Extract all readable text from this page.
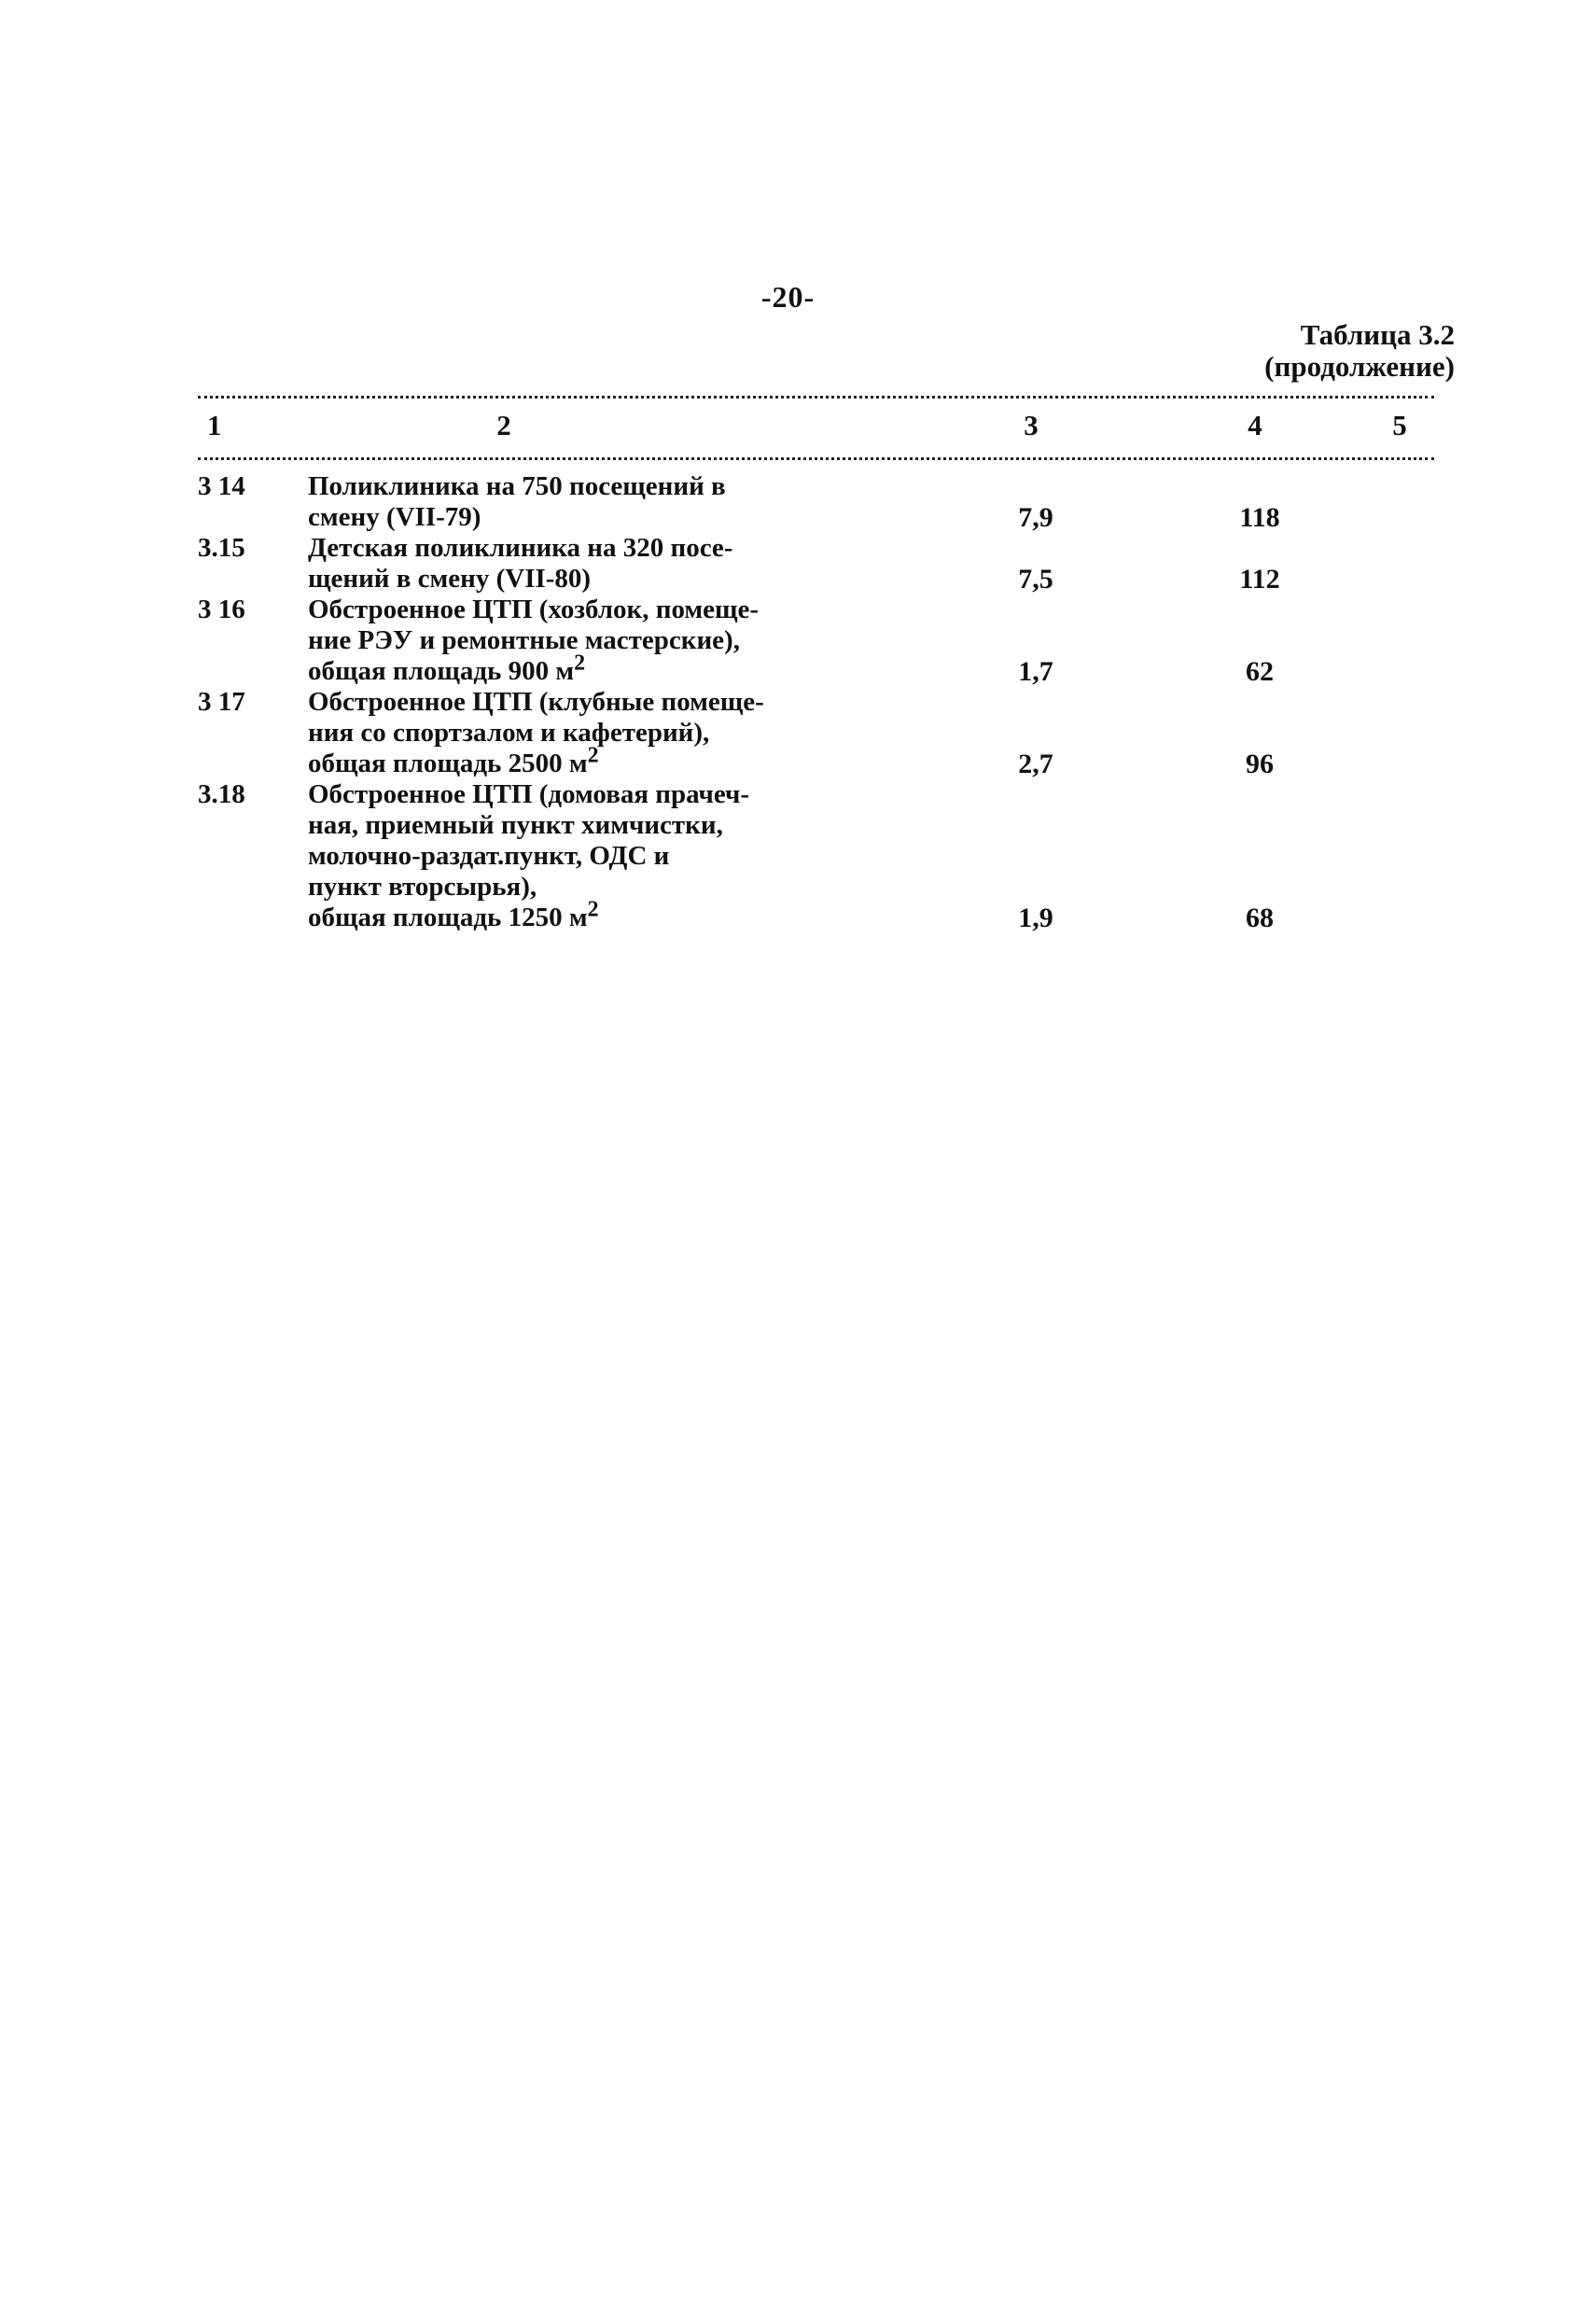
-20-
Таблица 3.2
(продолжение)
1	2	3	4	5
3 14	Поликлиника на 750 посещений в
смену (VII-79)	7,9	118
3.15	Детская поликлиника на 320 посе-
щений в смену (VII-80)	7,5	112
3 16	Обстроенное ЦТП (хозблок, помеще-
ние РЭУ и ремонтные мастерские),
общая площадь 900 $м^2$	1,7	62
3 17	Обстроенное ЦТП (клубные помеще-
ния со спортзалом и кафетерий),
общая площадь 2500 $м^2$	2,7	96
3.18	Обстроенное ЦТП (домовая прачеч-
ная, приемный пункт химчистки,
молочно-раздат.пункт, ОДС и
пункт вторсырья),
общая площадь 1250 $м^2$	1,9	68
